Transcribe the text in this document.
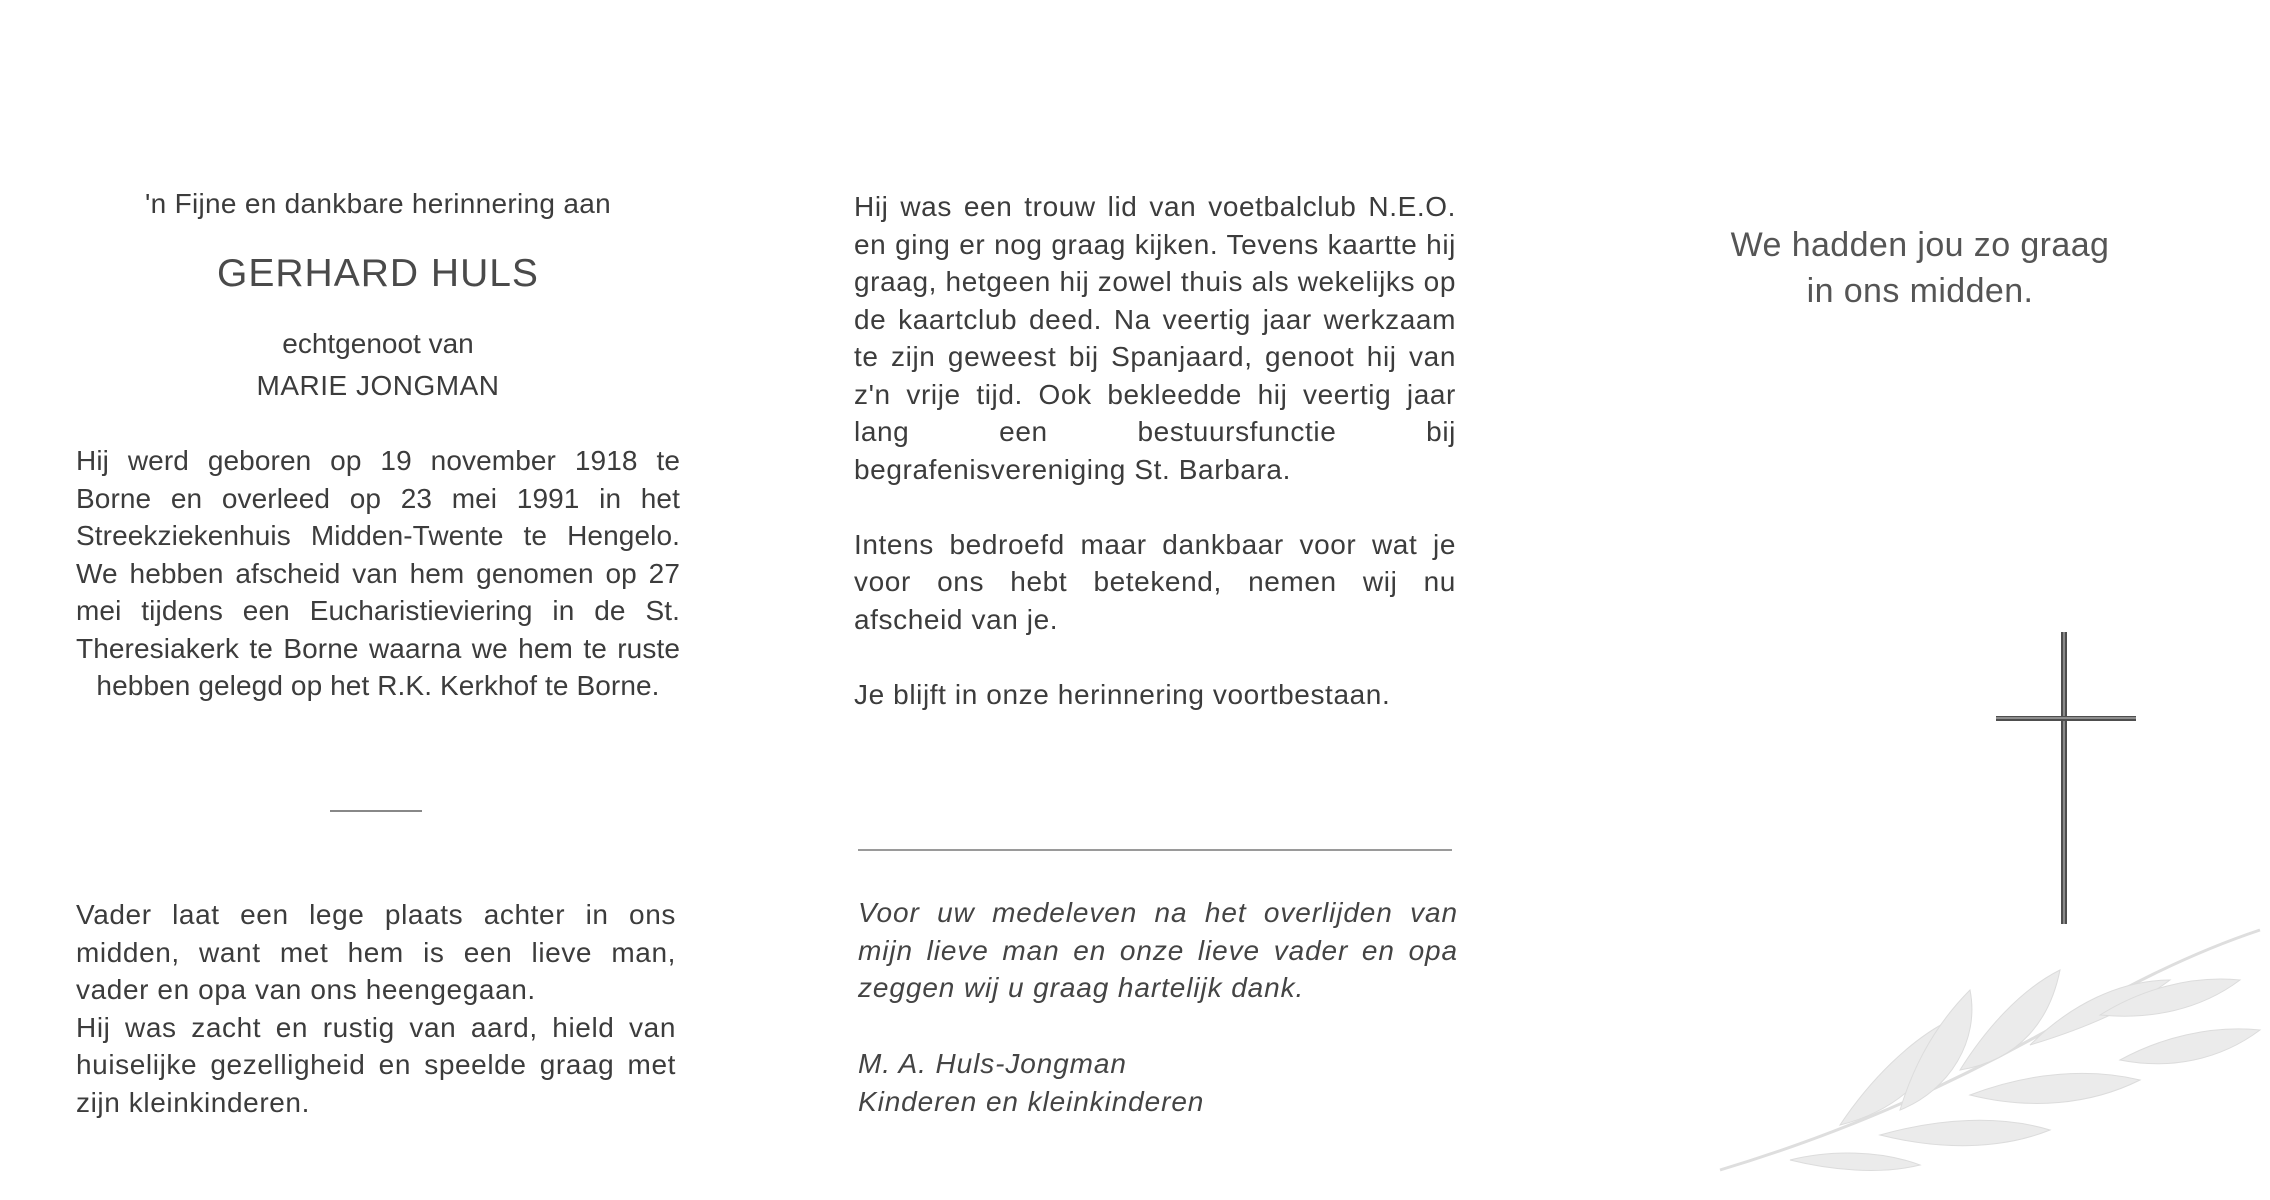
'n Fijne en dankbare herinnering aan
GERHARD HULS
echtgenoot van
MARIE JONGMAN
Hij werd geboren op 19 november 1918 te Borne en overleed op 23 mei 1991 in het Streekziekenhuis Midden-Twente te Hengelo. We hebben afscheid van hem genomen op 27 mei tijdens een Eucharistieviering in de St. Theresiakerk te Borne waarna we hem te ruste hebben gelegd op het R.K. Kerkhof te Borne.

Vader laat een lege plaats achter in ons midden, want met hem is een lieve man, vader en opa van ons heengegaan.

Hij was zacht en rustig van aard, hield van huiselijke gezelligheid en speelde graag met zijn kleinkinderen.

Hij was een trouw lid van voetbalclub N.E.O. en ging er nog graag kijken. Tevens kaartte hij graag, hetgeen hij zowel thuis als wekelijks op de kaartclub deed. Na veertig jaar werkzaam te zijn geweest bij Spanjaard, genoot hij van z'n vrije tijd. Ook bekleedde hij veertig jaar lang een bestuursfunctie bij begrafenisvereniging St. Barbara.

Intens bedroefd maar dankbaar voor wat je voor ons hebt betekend, nemen wij nu afscheid van je.

Je blijft in onze herinnering voortbestaan.

Voor uw medeleven na het overlijden van mijn lieve man en onze lieve vader en opa zeggen wij u graag hartelijk dank.

M. A. Huls-Jongman

Kinderen en kleinkinderen

We hadden jou zo graag
in ons midden.
